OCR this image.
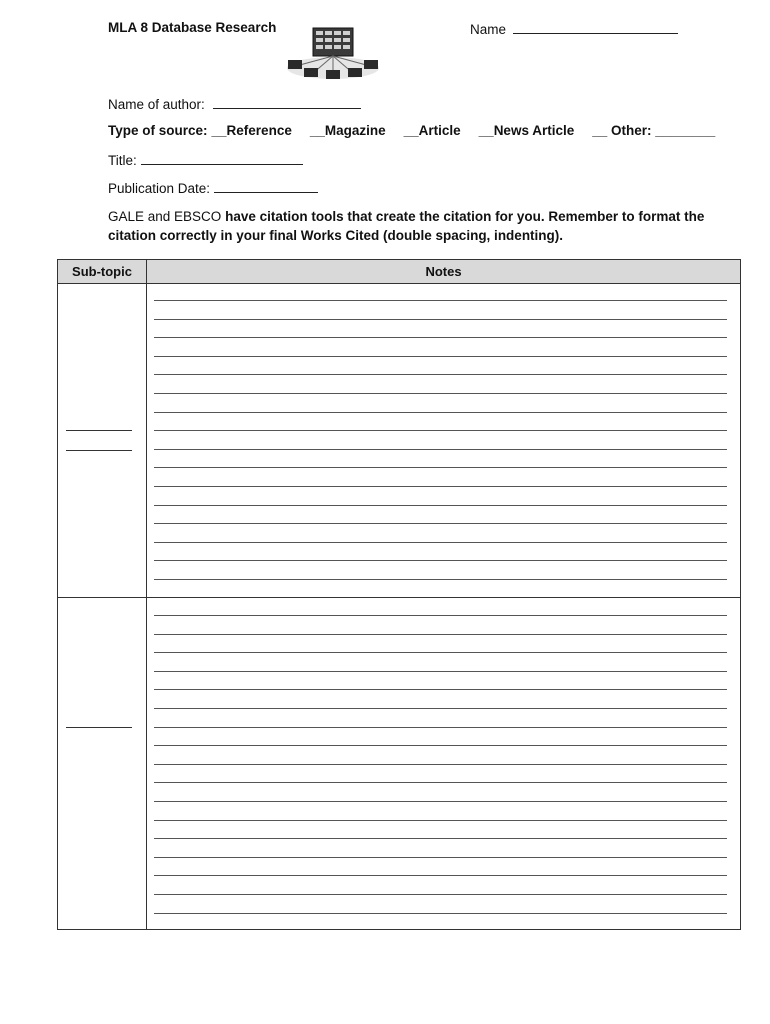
MLA 8 Database Research	Name
Name of author:
Type of source: __Reference __Magazine __Article __News Article __ Other: ________
Title:
Publication Date:
GALE and EBSCO have citation tools that create the citation for you. Remember to format the citation correctly in your final Works Cited (double spacing, indenting).
Sub-topic	Notes
